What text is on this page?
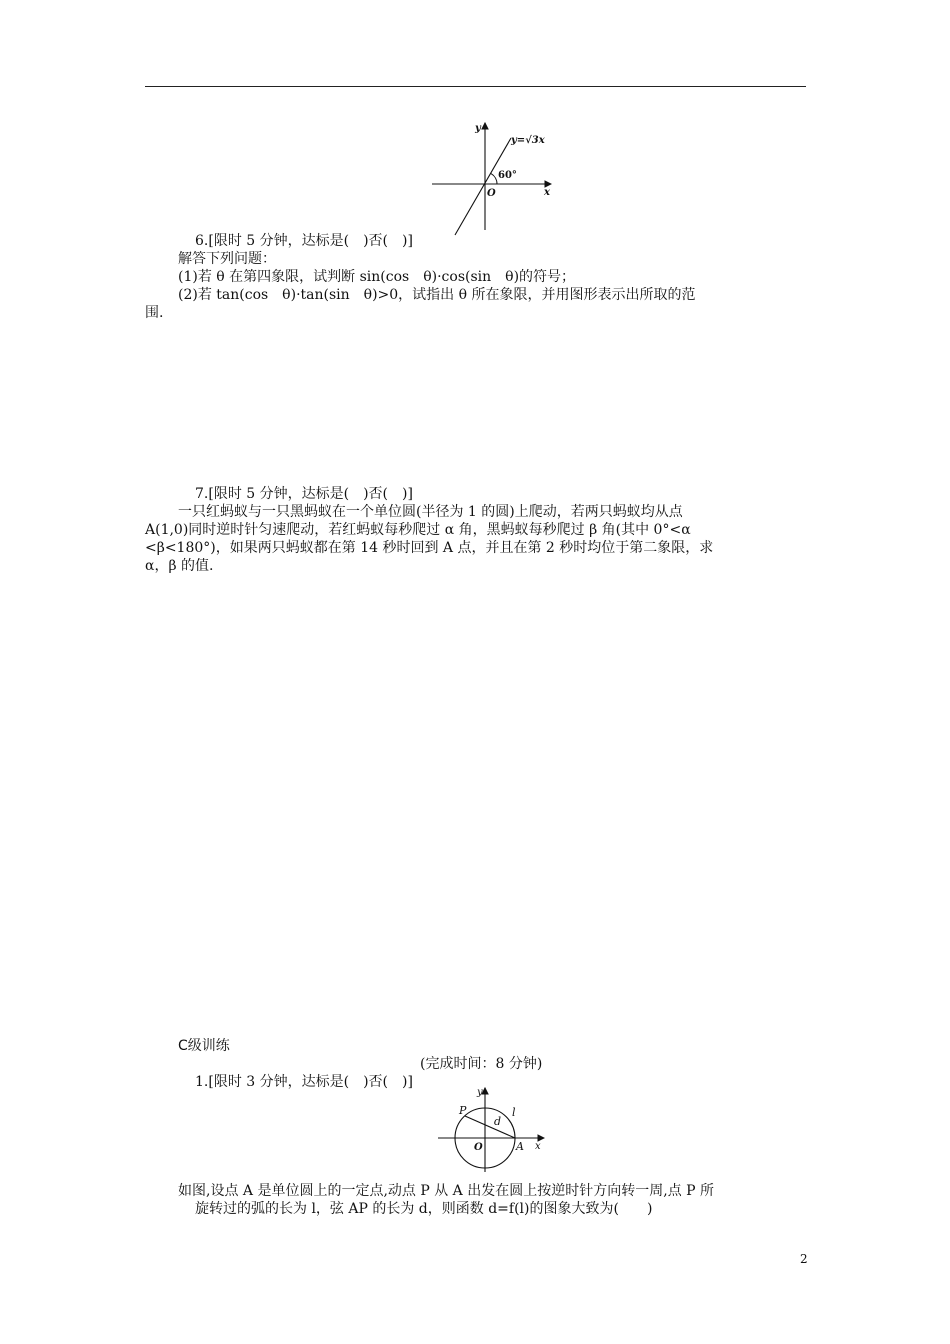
y
x
O
y=√3x
60°
6.[限时 5 分钟，达标是(　)否(　)]
解答下列问题：
(1)若 θ 在第四象限，试判断 sin(cos　θ)·cos(sin　θ)的符号；
(2)若 tan(cos　θ)·tan(sin　θ)>0，试指出 θ 所在象限，并用图形表示出所取的范
围.
7.[限时 5 分钟，达标是(　)否(　)]
一只红蚂蚁与一只黑蚂蚁在一个单位圆(半径为 1 的圆)上爬动，若两只蚂蚁均从点
A(1,0)同时逆时针匀速爬动，若红蚂蚁每秒爬过 α 角，黑蚂蚁每秒爬过 β 角(其中 0°<α
<β<180°)，如果两只蚂蚁都在第 14 秒时回到 A 点，并且在第 2 秒时均位于第二象限，求
α，β 的值.
C级训练
(完成时间：8 分钟)
1.[限时 3 分钟，达标是(　)否(　)]
y
x
O
P
A
d
l
如图,设点 A 是单位圆上的一定点,动点 P 从 A 出发在圆上按逆时针方向转一周,点 P 所
旋转过的弧的长为 l，弦 AP 的长为 d，则函数 d=f(l)的图象大致为(　　)
2
